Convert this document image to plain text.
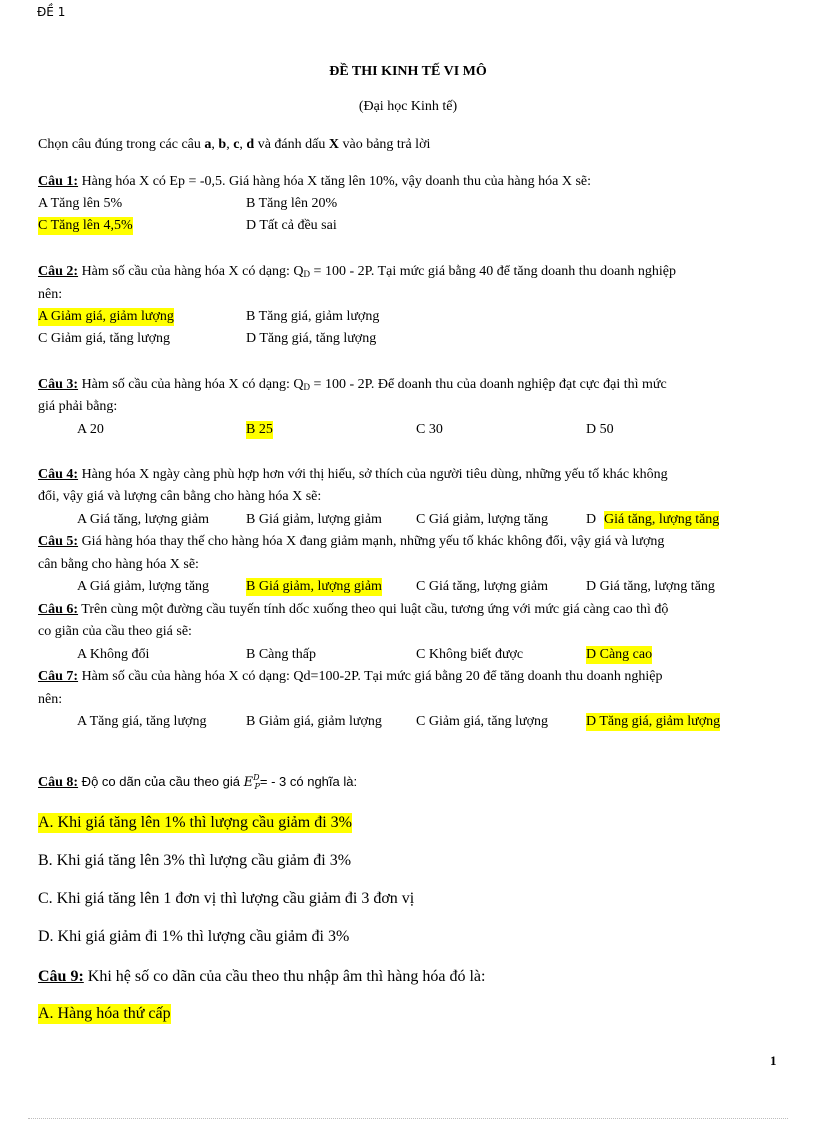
ĐỀ 1
ĐỀ THI KINH TẾ VI MÔ
(Đại học Kinh tế)
Chọn câu đúng trong các câu a, b, c, d và đánh dấu X vào bảng trả lời
Câu 1: Hàng hóa X có Ep = -0,5. Giá hàng hóa X tăng lên 10%, vậy doanh thu của hàng hóa X sẽ:
A Tăng lên 5%	B Tăng lên 20%
C Tăng lên 4,5%	D Tất cả đều sai
Câu 2: Hàm số cầu của hàng hóa X có dạng: $Q_D = 100 - 2P$. Tại mức giá bằng 40 để tăng doanh thu doanh nghiệp
nên:
A Giảm giá, giảm lượng	B Tăng giá, giảm lượng
C Giảm giá, tăng lượng	D Tăng giá, tăng lượng
Câu 3: Hàm số cầu của hàng hóa X có dạng: $Q_D = 100 - 2P$. Để doanh thu của doanh nghiệp đạt cực đại thì mức
giá phải bằng:
A 20	B 25	C 30	D 50
Câu 4: Hàng hóa X ngày càng phù hợp hơn với thị hiếu, sở thích của người tiêu dùng, những yếu tố khác không
đổi, vậy giá và lượng cân bằng cho hàng hóa X sẽ:
A Giá tăng, lượng giảm	B Giá giảm, lượng giảm C Giá giảm, lượng tăng	D Giá tăng, lượng tăng
Câu 5: Giá hàng hóa thay thế cho hàng hóa X đang giảm mạnh, những yếu tố khác không đổi, vậy giá và lượng
cân bằng cho hàng hóa X sẽ:
A Giá giảm, lượng tăng	B Giá giảm, lượng giảm C Giá tăng, lượng giảm	D Giá tăng, lượng tăng
Câu 6: Trên cùng một đường cầu tuyến tính dốc xuống theo qui luật cầu, tương ứng với mức giá càng cao thì độ
co giãn của cầu theo giá sẽ:
A Không đổi	B Càng thấp	C Không biết được	D Càng cao
Câu 7: Hàm số cầu của hàng hóa X có dạng: Qd=100-2P. Tại mức giá bằng 20 để tăng doanh thu doanh nghiệp
nên:
A Tăng giá, tăng lượng	B Giảm giá, giảm lượng C Giảm giá, tăng lượng	D Tăng giá, giảm lượng
Câu 8: Độ co dãn của cầu theo giá $E^D_P= - 3$ có nghĩa là:
A. Khi giá tăng lên 1% thì lượng cầu giảm đi 3%
B. Khi giá tăng lên 3% thì lượng cầu giảm đi 3%
C. Khi giá tăng lên 1 đơn vị thì lượng cầu giảm đi 3 đơn vị
D. Khi giá giảm đi 1% thì lượng cầu giảm đi 3%
Câu 9: Khi hệ số co dãn của cầu theo thu nhập âm thì hàng hóa đó là:
A. Hàng hóa thứ cấp
1
